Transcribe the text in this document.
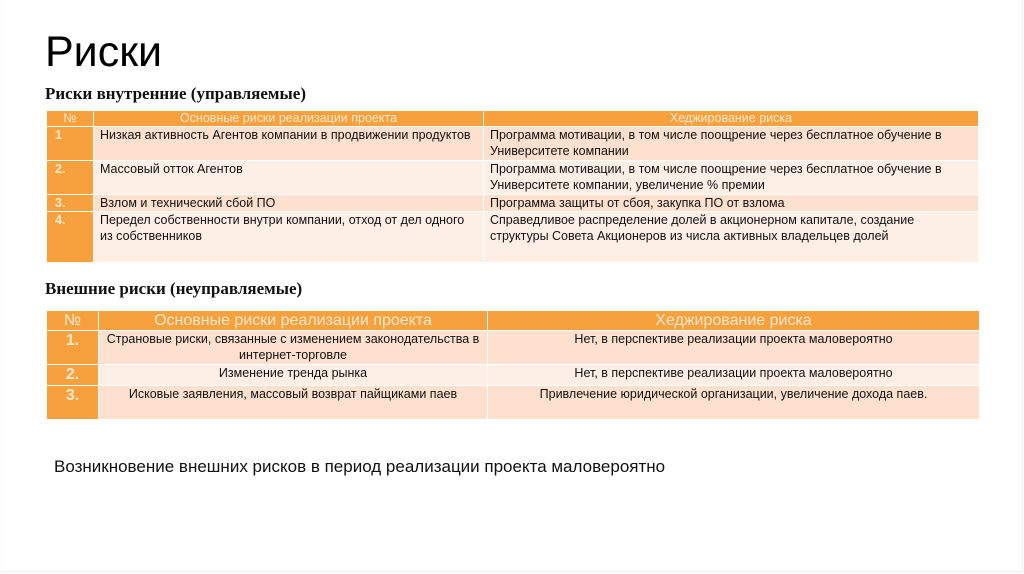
Риски
Риски внутренние (управляемые)
№	Основные риски реализации проекта	Хеджирование риска
1	Низкая активность Агентов компании в продвижении продуктов	Программа мотивации, в том числе поощрение через бесплатное обучение в Университете компании
2.	Массовый отток Агентов	Программа мотивации, в том числе поощрение через бесплатное обучение в Университете компании, увеличение % премии
3.	Взлом и технический сбой ПО	Программа защиты от сбоя, закупка ПО от взлома
4.	Передел собственности внутри компании, отход от дел одного из собственников	Справедливое распределение долей в акционерном капитале, создание структуры Совета Акционеров из числа активных владельцев долей
Внешние риски (неуправляемые)
№	Основные риски реализации проекта	Хеджирование риска
1.	Страновые риски, связанные с изменением законодательства в интернет-торговле	Нет, в перспективе реализации проекта маловероятно
2.	Изменение тренда рынка	Нет, в перспективе реализации проекта маловероятно
3.	Исковые заявления, массовый возврат пайщиками паев	Привлечение юридической организации, увеличение дохода паев.
Возникновение внешних рисков в период реализации проекта маловероятно
